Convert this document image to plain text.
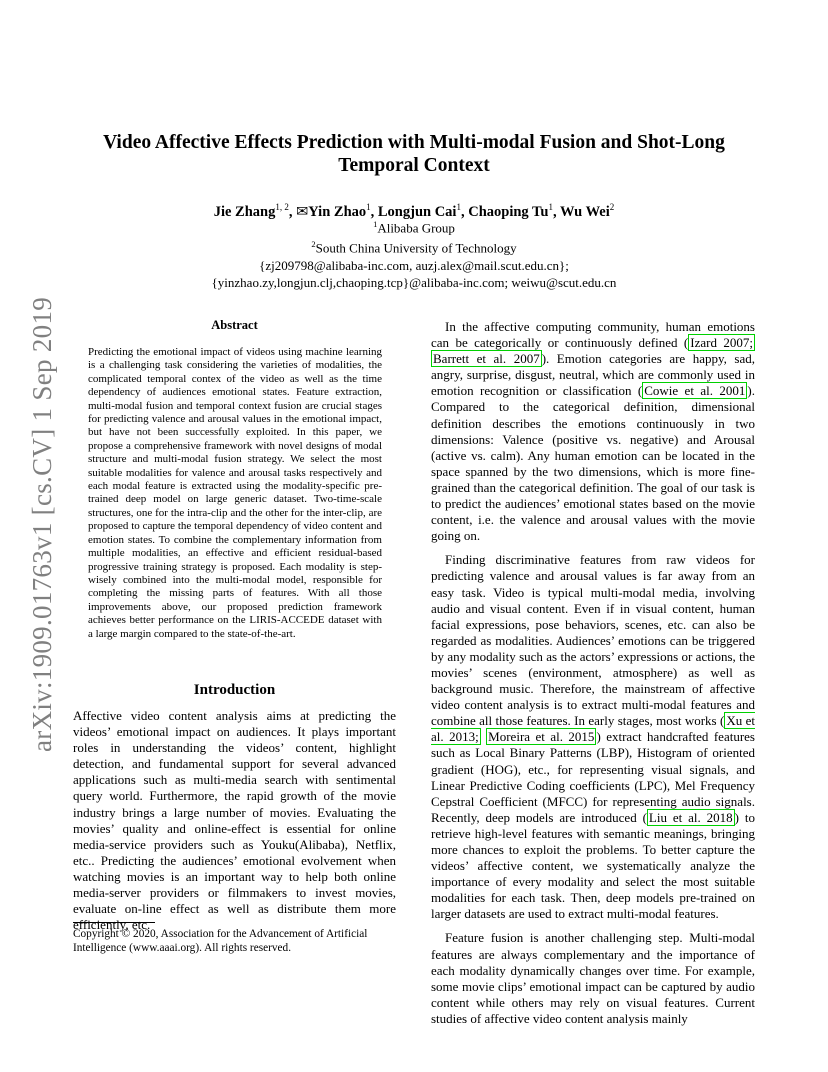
arXiv:1909.01763v1 [cs.CV] 1 Sep 2019
Video Affective Effects Prediction with Multi-modal Fusion and Shot-Long
Temporal Context
Jie Zhang$^{1, 2}$, ✉Yin Zhao$^1$, Longjun Cai$^1$, Chaoping Tu$^1$, Wu Wei$^2$
$^1$Alibaba Group
$^2$South China University of Technology
{zj209798@alibaba-inc.com, auzj.alex@mail.scut.edu.cn};
{yinzhao.zy,longjun.clj,chaoping.tcp}@alibaba-inc.com; weiwu@scut.edu.cn
Abstract
Predicting the emotional impact of videos using machine learning is a challenging task considering the varieties of modalities, the complicated temporal contex of the video as well as the time dependency of audiences emotional states. Feature extraction, multi-modal fusion and temporal context fusion are crucial stages for predicting valence and arousal values in the emotional impact, but have not been successfully exploited. In this paper, we propose a comprehensive framework with novel designs of modal structure and multi-modal fusion strategy. We select the most suitable modalities for valence and arousal tasks respectively and each modal feature is extracted using the modality-specific pre-trained deep model on large generic dataset. Two-time-scale structures, one for the intra-clip and the other for the inter-clip, are proposed to capture the temporal dependency of video content and emotion states. To combine the complementary information from multiple modalities, an effective and efficient residual-based progressive training strategy is proposed. Each modality is step-wisely combined into the multi-modal model, responsible for completing the missing parts of features. With all those improvements above, our proposed prediction framework achieves better performance on the LIRIS-ACCEDE dataset with a large margin compared to the state-of-the-art.
Introduction

Affective video content analysis aims at predicting the videos’ emotional impact on audiences. It plays important roles in understanding the videos’ content, highlight detection, and fundamental support for several advanced applications such as multi-media search with sentimental query world. Furthermore, the rapid growth of the movie industry brings a large number of movies. Evaluating the movies’ quality and online-effect is essential for online media-service providers such as Youku(Alibaba), Netflix, etc.. Predicting the audiences’ emotional evolvement when watching movies is an important way to help both online media-server providers or filmmakers to invest movies, evaluate on-line effect as well as distribute them more efficiently, etc.

Copyright © 2020, Association for the Advancement of Artificial Intelligence (www.aaai.org). All rights reserved.

In the affective computing community, human emotions can be categorically or continuously defined ( Izard 2007; Barrett et al. 2007 ). Emotion categories are happy, sad, angry, surprise, disgust, neutral, which are commonly used in emotion recognition or classification ( Cowie et al. 2001 ). Compared to the categorical definition, dimensional definition describes the emotions continuously in two dimensions: Valence (positive vs. negative) and Arousal (active vs. calm). Any human emotion can be located in the space spanned by the two dimensions, which is more fine-grained than the categorical definition. The goal of our task is to predict the audiences’ emotional states based on the movie content, i.e. the valence and arousal values with the movie going on.

Finding discriminative features from raw videos for predicting valence and arousal values is far away from an easy task. Video is typical multi-modal media, involving audio and visual content. Even if in visual content, human facial expressions, pose behaviors, scenes, etc. can also be regarded as modalities. Audiences’ emotions can be triggered by any modality such as the actors’ expressions or actions, the movies’ scenes (environment, atmosphere) as well as background music. Therefore, the mainstream of affective video content analysis is to extract multi-modal features and combine all those features. In early stages, most works ( Xu et al. 2013; Moreira et al. 2015 ) extract handcrafted features such as Local Binary Patterns (LBP), Histogram of oriented gradient (HOG), etc., for representing visual signals, and Linear Predictive Coding coefficients (LPC), Mel Frequency Cepstral Coefficient (MFCC) for representing audio signals. Recently, deep models are introduced ( Liu et al. 2018 ) to retrieve high-level features with semantic meanings, bringing more chances to exploit the problems. To better capture the videos’ affective content, we systematically analyze the importance of every modality and select the most suitable modalities for each task. Then, deep models pre-trained on larger datasets are used to extract multi-modal features.

Feature fusion is another challenging step. Multi-modal features are always complementary and the importance of each modality dynamically changes over time. For example, some movie clips’ emotional impact can be captured by audio content while others may rely on visual features. Current studies of affective video content analysis mainly
